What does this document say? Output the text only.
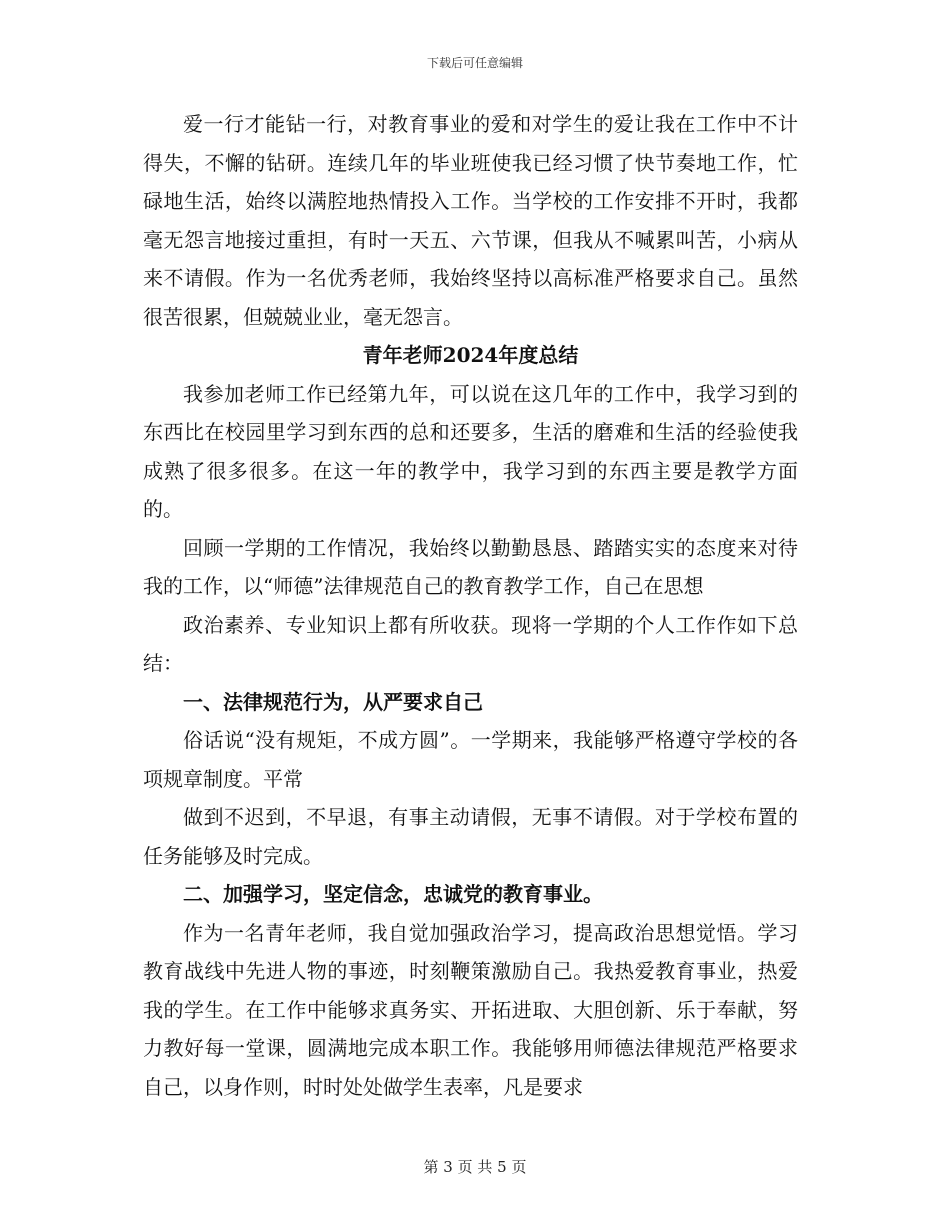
下载后可任意编辑

爱一行才能钻一行，对教育事业的爱和对学生的爱让我在工作中不计得失，不懈的钻研。连续几年的毕业班使我已经习惯了快节奏地工作，忙碌地生活，始终以满腔地热情投入工作。当学校的工作安排不开时，我都毫无怨言地接过重担，有时一天五、六节课，但我从不喊累叫苦，小病从来不请假。作为一名优秀老师，我始终坚持以高标准严格要求自己。虽然很苦很累，但兢兢业业，毫无怨言。

青年老师2024年度总结

我参加老师工作已经第九年，可以说在这几年的工作中，我学习到的东西比在校园里学习到东西的总和还要多，生活的磨难和生活的经验使我成熟了很多很多。在这一年的教学中，我学习到的东西主要是教学方面的。

回顾一学期的工作情况，我始终以勤勤恳恳、踏踏实实的态度来对待我的工作，以“师德”法律规范自己的教育教学工作，自己在思想

政治素养、专业知识上都有所收获。现将一学期的个人工作作如下总结：

一、法律规范行为，从严要求自己

俗话说“没有规矩，不成方圆”。一学期来，我能够严格遵守学校的各项规章制度。平常

做到不迟到，不早退，有事主动请假，无事不请假。对于学校布置的任务能够及时完成。

二、加强学习，坚定信念，忠诚党的教育事业。

作为一名青年老师，我自觉加强政治学习，提高政治思想觉悟。学习教育战线中先进人物的事迹，时刻鞭策激励自己。我热爱教育事业，热爱我的学生。在工作中能够求真务实、开拓进取、大胆创新、乐于奉献，努力教好每一堂课，圆满地完成本职工作。我能够用师德法律规范严格要求自己，以身作则，时时处处做学生表率，凡是要求

第 3 页 共 5 页
